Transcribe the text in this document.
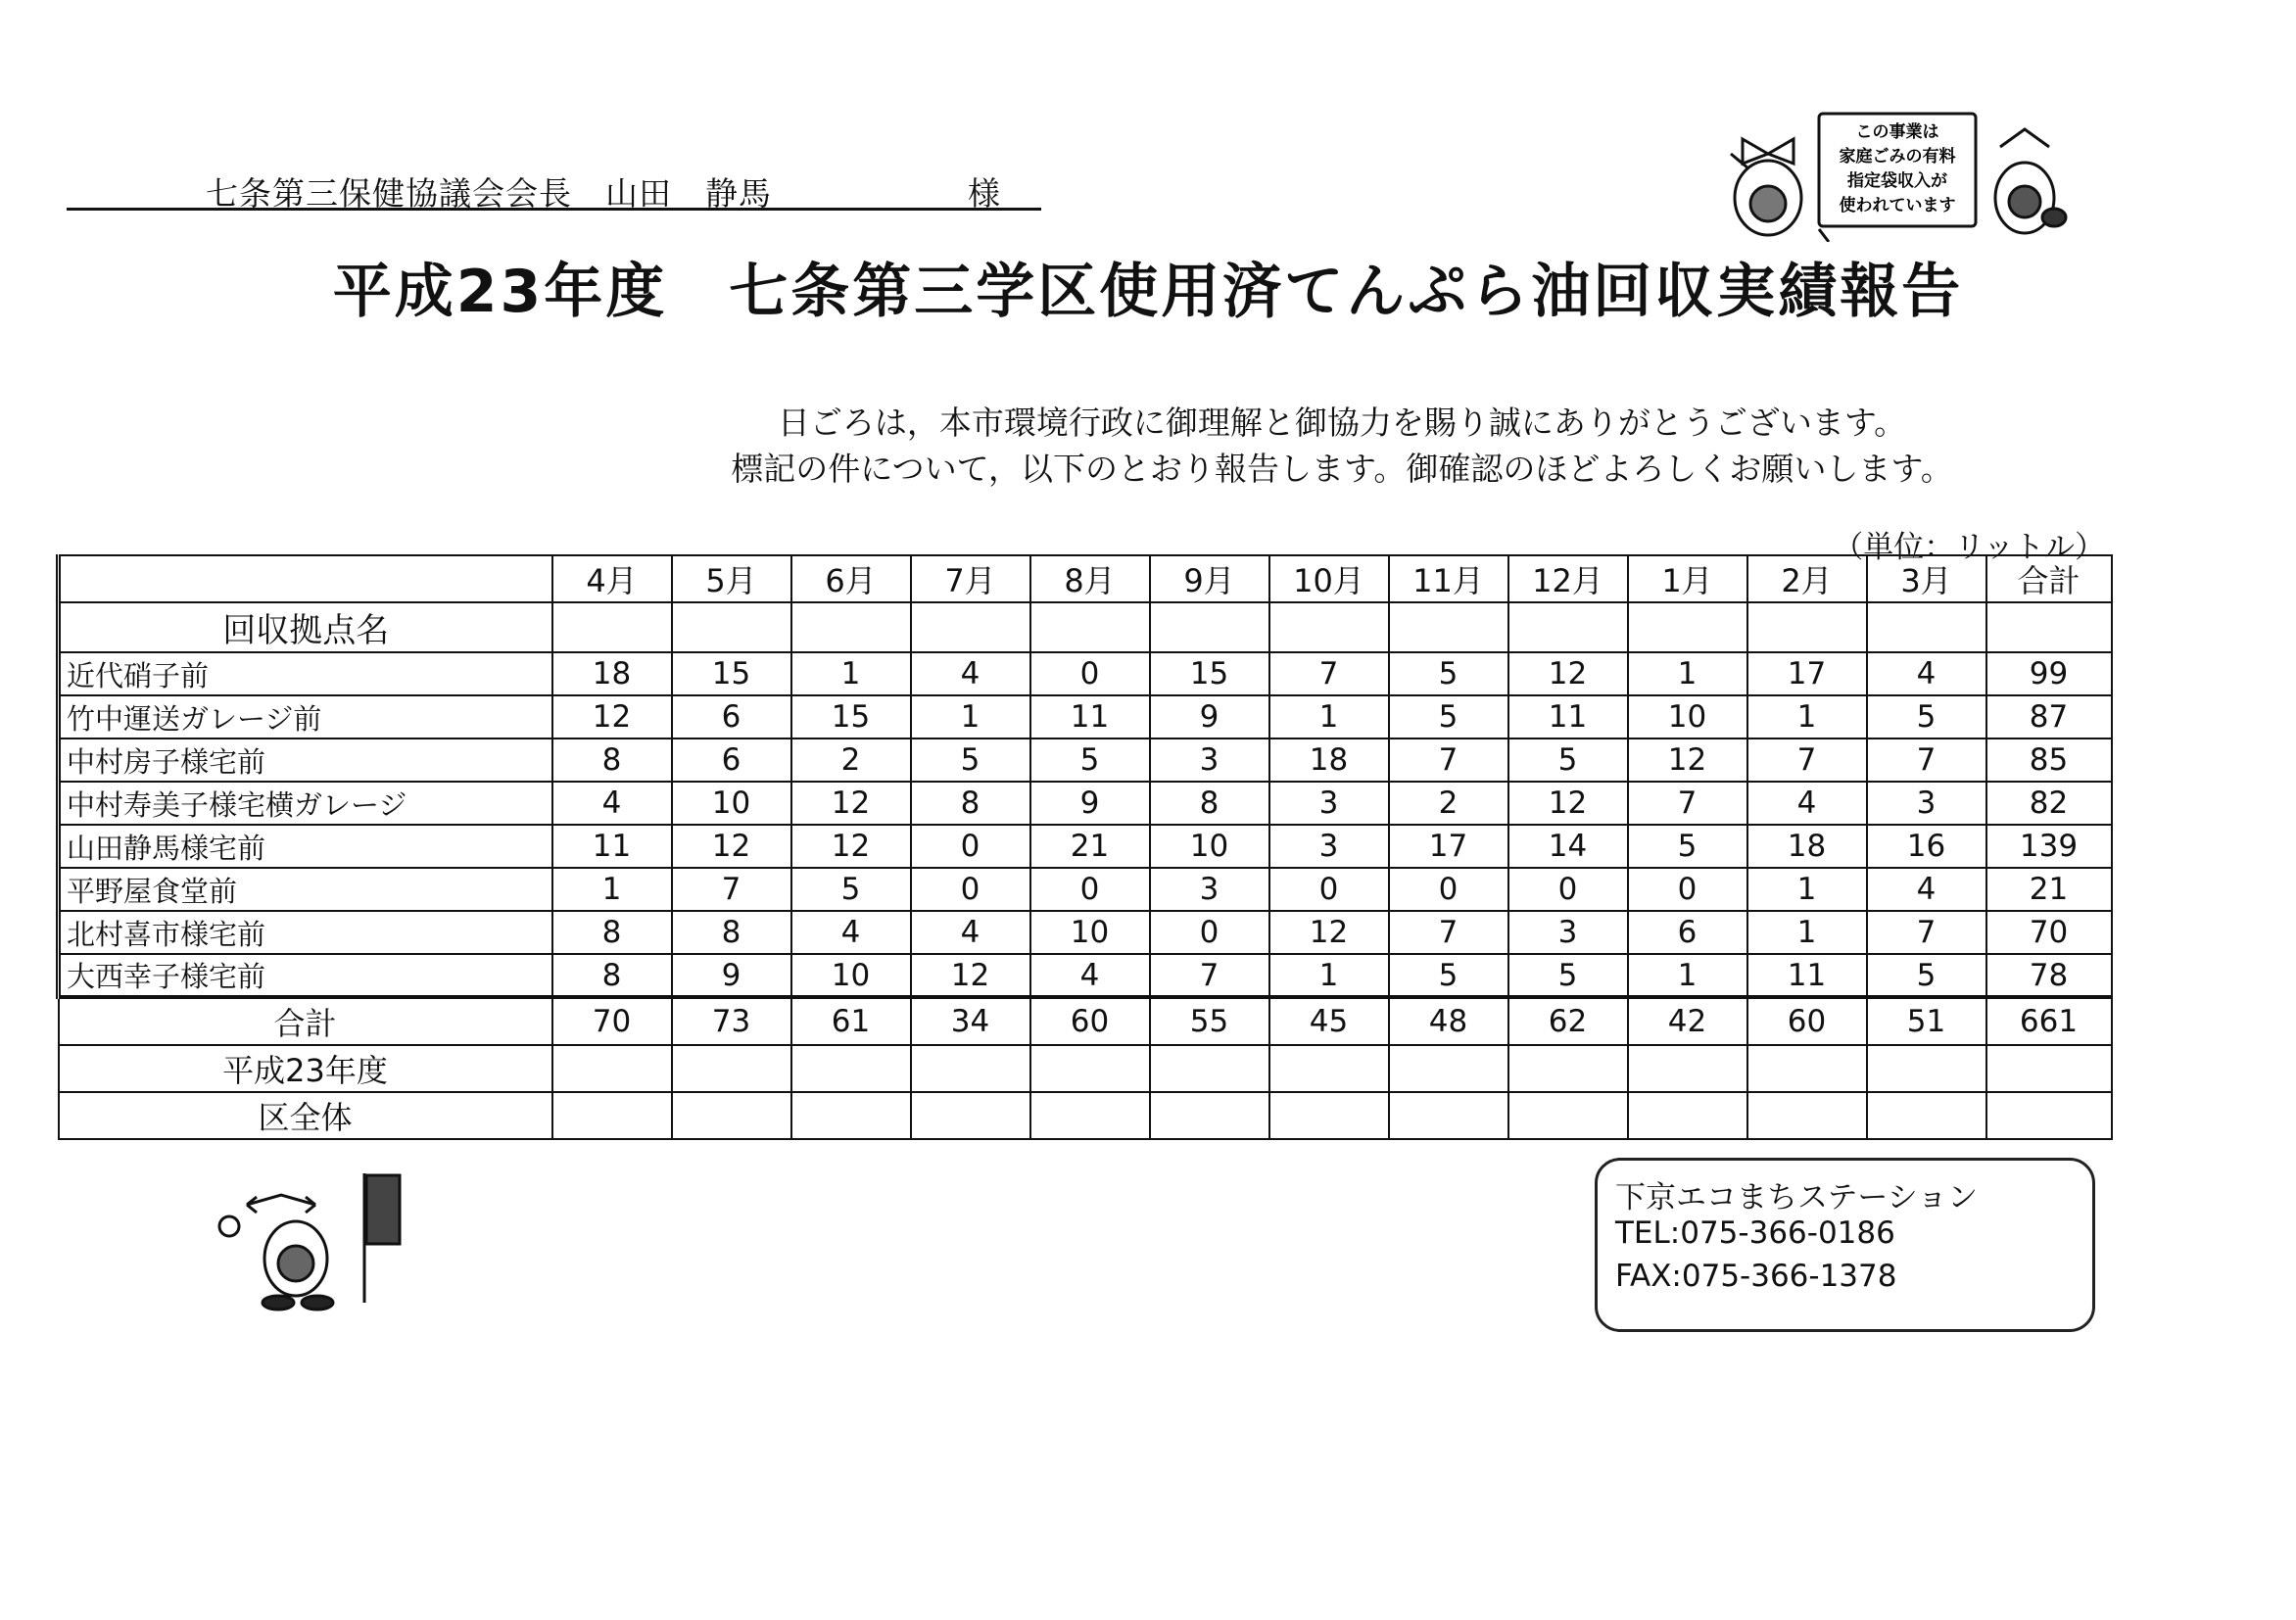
七条第三保健協議会会長　山田　静馬	様
この事業は
家庭ごみの有料
指定袋収入が
使われています
平成23年度　七条第三学区使用済てんぷら油回収実績報告
日ごろは，本市環境行政に御理解と御協力を賜り誠にありがとうございます。
標記の件について，以下のとおり報告します。御確認のほどよろしくお願いします。
（単位：リットル）
	4月	5月	6月	7月	8月	9月	10月	11月	12月	1月	2月	3月	合計
回収拠点名													
近代硝子前	18	15	1	4	0	15	7	5	12	1	17	4	99
竹中運送ガレージ前	12	6	15	1	11	9	1	5	11	10	1	5	87
中村房子様宅前	8	6	2	5	5	3	18	7	5	12	7	7	85
中村寿美子様宅横ガレージ	4	10	12	8	9	8	3	2	12	7	4	3	82
山田静馬様宅前	11	12	12	0	21	10	3	17	14	5	18	16	139
平野屋食堂前	1	7	5	0	0	3	0	0	0	0	1	4	21
北村喜市様宅前	8	8	4	4	10	0	12	7	3	6	1	7	70
大西幸子様宅前	8	9	10	12	4	7	1	5	5	1	11	5	78
合計	70	73	61	34	60	55	45	48	62	42	60	51	661
平成23年度													
区全体													
下京エコまちステーション
TEL:075-366-0186
FAX:075-366-1378
